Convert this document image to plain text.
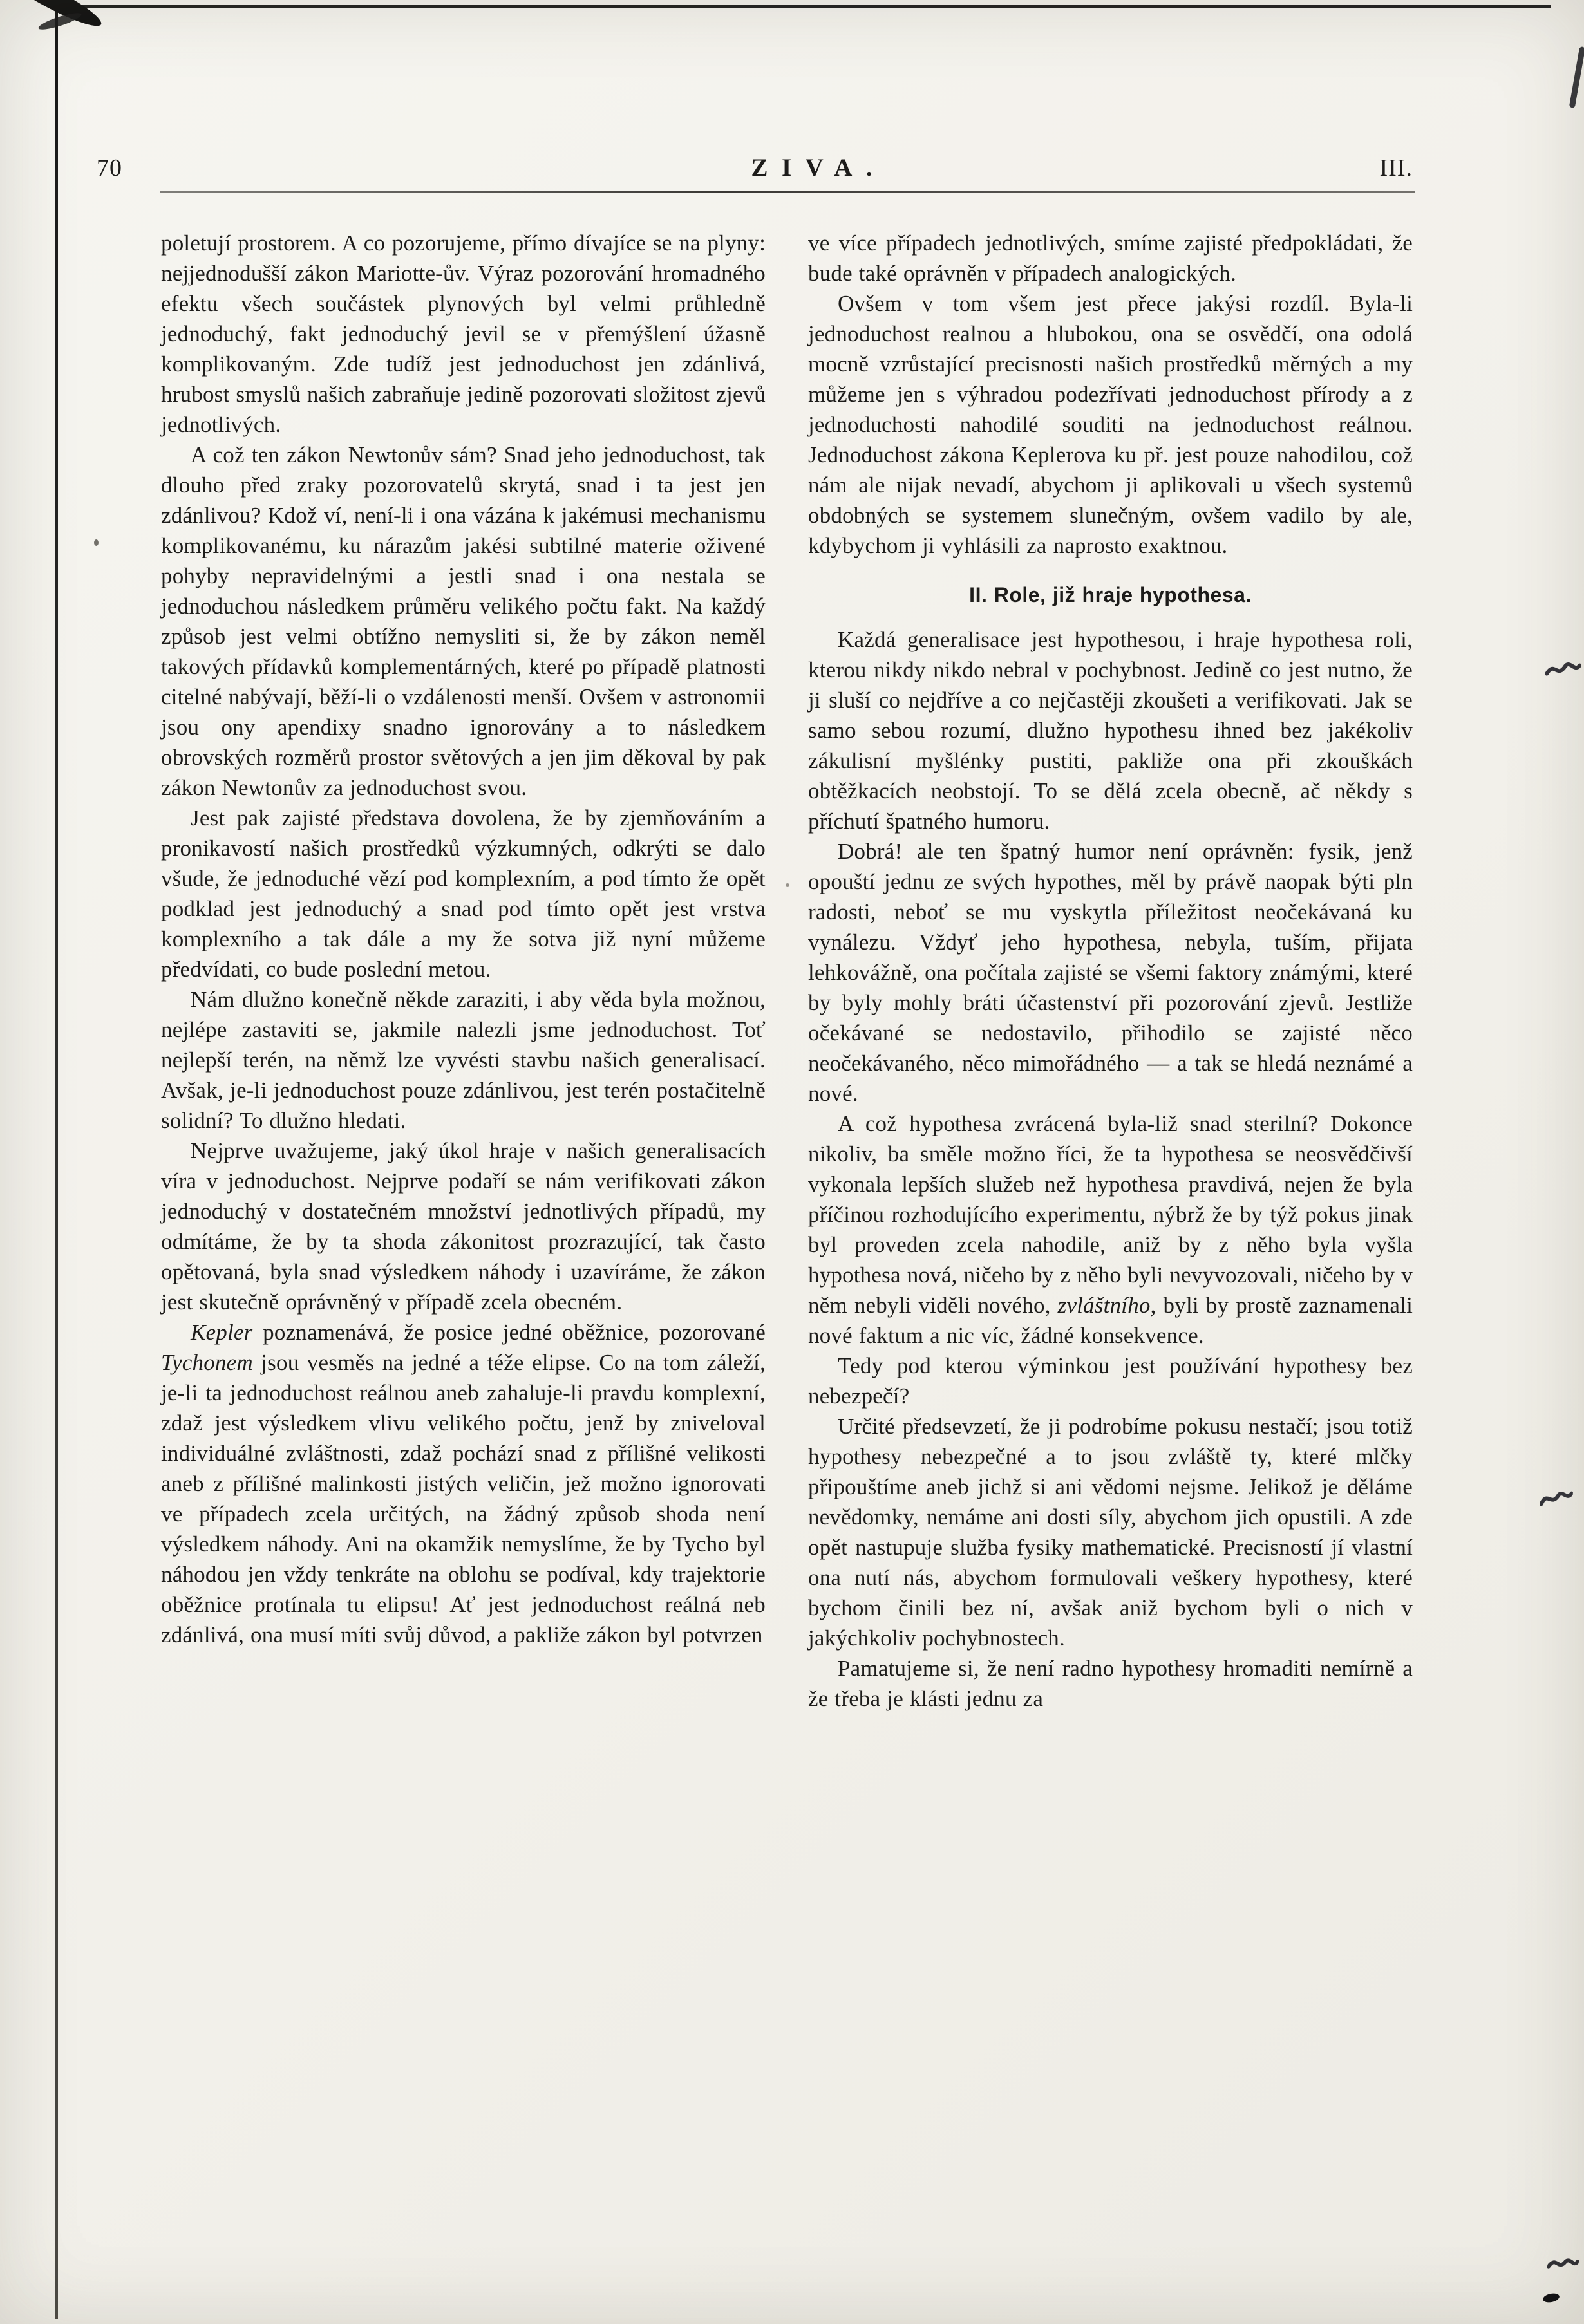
70	ZIVA.	III.

poletují prostorem. A co pozorujeme, přímo dívajíce se na plyny: nejjednodušší zákon Mariotte-ův. Výraz pozorování hromadného efektu všech součástek plynových byl velmi průhledně jednoduchý, fakt jednoduchý jevil se v přemýšlení úžasně komplikovaným. Zde tudíž jest jednoduchost jen zdánlivá, hrubost smyslů našich zabraňuje jedině pozorovati složitost zjevů jednotlivých.

A což ten zákon Newtonův sám? Snad jeho jednoduchost, tak dlouho před zraky pozorovatelů skrytá, snad i ta jest jen zdánlivou? Kdož ví, není-li i ona vázána k jakémusi mechanismu komplikovanému, ku nárazům jakési subtilné materie oživené pohyby nepravidelnými a jestli snad i ona nestala se jednoduchou následkem průměru velikého počtu fakt. Na každý způsob jest velmi obtížno nemysliti si, že by zákon neměl takových přídavků komplementárných, které po případě platnosti citelné nabývají, běží-li o vzdálenosti menší. Ovšem v astronomii jsou ony apendixy snadno ignorovány a to následkem obrovských rozměrů prostor světových a jen jim děkoval by pak zákon Newtonův za jednoduchost svou.

Jest pak zajisté představa dovolena, že by zjemňováním a pronikavostí našich prostředků výzkumných, odkrýti se dalo všude, že jednoduché vězí pod komplexním, a pod tímto že opět podklad jest jednoduchý a snad pod tímto opět jest vrstva komplexního a tak dále a my že sotva již nyní můžeme předvídati, co bude poslední metou.

Nám dlužno konečně někde zaraziti, i aby věda byla možnou, nejlépe zastaviti se, jakmile nalezli jsme jednoduchost. Toť nejlepší terén, na němž lze vyvésti stavbu našich generalisací. Avšak, je-li jednoduchost pouze zdánlivou, jest terén postačitelně solidní? To dlužno hledati.

Nejprve uvažujeme, jaký úkol hraje v našich generalisacích víra v jednoduchost. Nejprve podaří se nám verifikovati zákon jednoduchý v dostatečném množství jednotlivých případů, my odmítáme, že by ta shoda zákonitost prozrazující, tak často opětovaná, byla snad výsledkem náhody i uzavíráme, že zákon jest skutečně oprávněný v případě zcela obecném.

Kepler poznamenává, že posice jedné oběžnice, pozorované Tychonem jsou vesměs na jedné a téže elipse. Co na tom záleží, je-li ta jednoduchost reálnou aneb zahaluje-li pravdu komplexní, zdaž jest výsledkem vlivu velikého počtu, jenž by zniveloval individuálné zvláštnosti, zdaž pochází snad z přílišné velikosti aneb z přílišné malinkosti jistých veličin, jež možno ignorovati ve případech zcela určitých, na žádný způsob shoda není výsledkem náhody. Ani na okamžik nemyslíme, že by Tycho byl náhodou jen vždy tenkráte na oblohu se podíval, kdy trajektorie oběžnice protínala tu elipsu! Ať jest jednoduchost reálná neb zdánlivá, ona musí míti svůj důvod, a pakliže zákon byl potvrzen

ve více případech jednotlivých, smíme zajisté předpokládati, že bude také oprávněn v případech analogických.

Ovšem v tom všem jest přece jakýsi rozdíl. Byla-li jednoduchost realnou a hlubokou, ona se osvědčí, ona odolá mocně vzrůstající precisnosti našich prostředků měrných a my můžeme jen s výhradou podezřívati jednoduchost přírody a z jednoduchosti nahodilé souditi na jednoduchost reálnou. Jednoduchost zákona Keplerova ku př. jest pouze nahodilou, což nám ale nijak nevadí, abychom ji aplikovali u všech systemů obdobných se systemem slunečným, ovšem vadilo by ale, kdybychom ji vyhlásili za naprosto exaktnou.

II. Role, již hraje hypothesa.

Každá generalisace jest hypothesou, i hraje hypothesa roli, kterou nikdy nikdo nebral v pochybnost. Jedině co jest nutno, že ji sluší co nejdříve a co nejčastěji zkoušeti a verifikovati. Jak se samo sebou rozumí, dlužno hypothesu ihned bez jakékoliv zákulisní myšlénky pustiti, pakliže ona při zkouškách obtěžkacích neobstojí. To se dělá zcela obecně, ač někdy s příchutí špatného humoru.

Dobrá! ale ten špatný humor není oprávněn: fysik, jenž opouští jednu ze svých hypothes, měl by právě naopak býti pln radosti, neboť se mu vyskytla příležitost neočekávaná ku vynálezu. Vždyť jeho hypothesa, nebyla, tuším, přijata lehkovážně, ona počítala zajisté se všemi faktory známými, které by byly mohly bráti účastenství při pozorování zjevů. Jestliže očekávané se nedostavilo, přihodilo se zajisté něco neočekávaného, něco mimořádného — a tak se hledá neznámé a nové.

A což hypothesa zvrácená byla-liž snad sterilní? Dokonce nikoliv, ba směle možno říci, že ta hypothesa se neosvědčivší vykonala lepších služeb než hypothesa pravdivá, nejen že byla příčinou rozhodujícího experimentu, nýbrž že by týž pokus jinak byl proveden zcela nahodile, aniž by z něho byla vyšla hypothesa nová, ničeho by z něho byli nevyvozovali, ničeho by v něm nebyli viděli nového, zvláštního, byli by prostě zaznamenali nové faktum a nic víc, žádné konsekvence.

Tedy pod kterou výminkou jest používání hypothesy bez nebezpečí?

Určité předsevzetí, že ji podrobíme pokusu nestačí; jsou totiž hypothesy nebezpečné a to jsou zvláště ty, které mlčky připouštíme aneb jichž si ani vědomi nejsme. Jelikož je děláme nevědomky, nemáme ani dosti síly, abychom jich opustili. A zde opět nastupuje služba fysiky mathematické. Precisností jí vlastní ona nutí nás, abychom formulovali veškery hypothesy, které bychom činili bez ní, avšak aniž bychom byli o nich v jakýchkoliv pochybnostech.

Pamatujeme si, že není radno hypothesy hromaditi nemírně a že třeba je klásti jednu za
